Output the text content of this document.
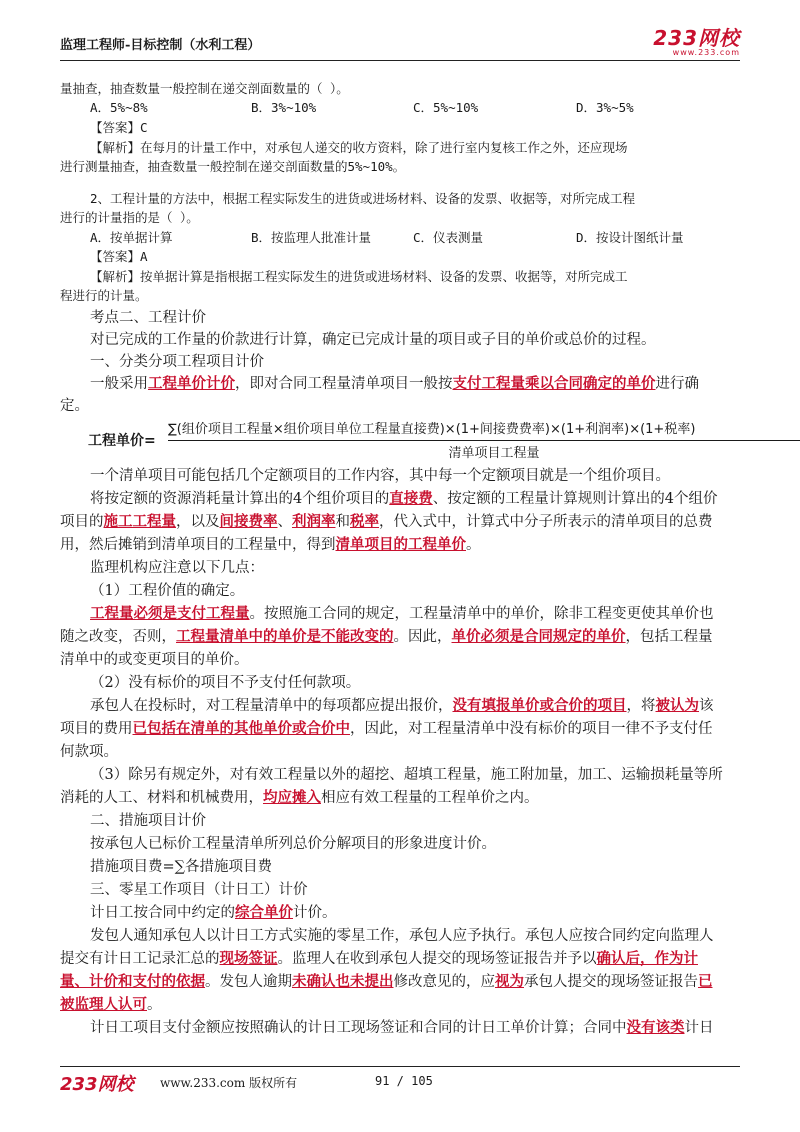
监理工程师-目标控制（水利工程）	233网校
www.233.com
量抽查，抽查数量一般控制在递交剖面数量的（ ）。
A．5%~8%	B．3%~10%	C．5%~10%	D．3%~5%
【答案】C
【解析】在每月的计量工作中，对承包人递交的收方资料，除了进行室内复核工作之外，还应现场
进行测量抽查，抽查数量一般控制在递交剖面数量的5%~10%。
2、工程计量的方法中，根据工程实际发生的进货或进场材料、设备的发票、收据等，对所完成工程
进行的计量指的是（ ）。
A．按单据计算	B．按监理人批准计量	C．仪表测量	D．按设计图纸计量
【答案】A
【解析】按单据计算是指根据工程实际发生的进货或进场材料、设备的发票、收据等，对所完成工
程进行的计量。
考点二、工程计价
对已完成的工作量的价款进行计算，确定已完成计量的项目或子目的单价或总价的过程。
一、分类分项工程项目计价
一般采用工程单价计价，即对合同工程量清单项目一般按支付工程量乘以合同确定的单价进行确
定。
工程单价=
∑(组价项目工程量×组价项目单位工程量直接费)×(1+间接费费率)×(1+利润率)×(1+税率)
清单项目工程量
一个清单项目可能包括几个定额项目的工作内容，其中每一个定额项目就是一个组价项目。
将按定额的资源消耗量计算出的4个组价项目的直接费、按定额的工程量计算规则计算出的4个组价
项目的施工工程量，以及间接费率、利润率和税率，代入式中，计算式中分子所表示的清单项目的总费
用，然后摊销到清单项目的工程量中，得到清单项目的工程单价。
监理机构应注意以下几点：
（1）工程价值的确定。
工程量必须是支付工程量。按照施工合同的规定，工程量清单中的单价，除非工程变更使其单价也
随之改变，否则，工程量清单中的单价是不能改变的。因此，单价必须是合同规定的单价，包括工程量
清单中的或变更项目的单价。
（2）没有标价的项目不予支付任何款项。
承包人在投标时，对工程量清单中的每项都应提出报价，没有填报单价或合价的项目，将被认为该
项目的费用已包括在清单的其他单价或合价中，因此，对工程量清单中没有标价的项目一律不予支付任
何款项。
（3）除另有规定外，对有效工程量以外的超挖、超填工程量，施工附加量，加工、运输损耗量等所
消耗的人工、材料和机械费用，均应摊入相应有效工程量的工程单价之内。
二、措施项目计价
按承包人已标价工程量清单所列总价分解项目的形象进度计价。
措施项目费=∑各措施项目费
三、零星工作项目（计日工）计价
计日工按合同中约定的综合单价计价。
发包人通知承包人以计日工方式实施的零星工作，承包人应予执行。承包人应按合同约定向监理人
提交有计日工记录汇总的现场签证。监理人在收到承包人提交的现场签证报告并予以确认后，作为计
量、计价和支付的依据。发包人逾期未确认也未提出修改意见的，应视为承包人提交的现场签证报告已
被监理人认可。
计日工项目支付金额应按照确认的计日工现场签证和合同的计日工单价计算；合同中没有该类计日
233网校 www.233.com 版权所有	91 / 105
